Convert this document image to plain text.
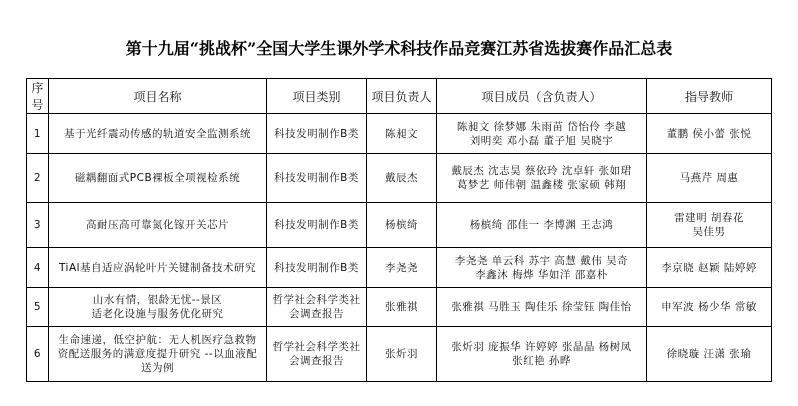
第十九届“挑战杯”全国大学生课外学术科技作品竞赛江苏省选拔赛作品汇总表
序号	项目名称	项目类别	项目负责人	项目成员（含负责人）	指导教师
1	基于光纤震动传感的轨道安全监测系统	科技发明制作B类	陈昶文	陈昶文 徐梦娜 朱雨苗 岱怡伶 李越
刘明奕 邓小磊 董子旭 吴晓宇	董鹏 侯小蕾 张悦

2	磁耦翻面式PCB裸板全项视检系统	科技发明制作B类	戴辰杰	戴辰杰 沈志昊 蔡依玲 沈卓轩 张如珺
葛梦艺 师伟朝 温鑫楼 张家硕 韩翔	马燕芹 周惠

3	高耐压高可靠氮化镓开关芯片	科技发明制作B类	杨槟绮	杨槟绮 邵佳一 李博渊 王志鸿	雷建明 胡春花
吴佳男

4	TiAl基自适应涡轮叶片关键制备技术研究	科技发明制作B类	李尧尧	李尧尧 单云科 苏宇 高慧 戴伟 吴奇
李鑫沐 梅烨 华如洋 邵嘉朴	李京晓 赵颖 陆婷婷

5	山水有情，银龄无忧--景区
适老化设施与服务优化研究	哲学社会科学类社
会调查报告	张雅祺	张雅祺 马胜玉 陶佳乐 徐莹钰 陶佳怡	申军波 杨少华 常敏

6	生命速递，低空护航：无人机医疗急救物
资配送服务的满意度提升研究 --以血液配
送为例	哲学社会科学类社
会调查报告	张炘羽	张炘羽 庞振华 许婷婷 张晶晶 杨树凤
张红艳 孙晔	徐晓璇 汪潇 张瑜
